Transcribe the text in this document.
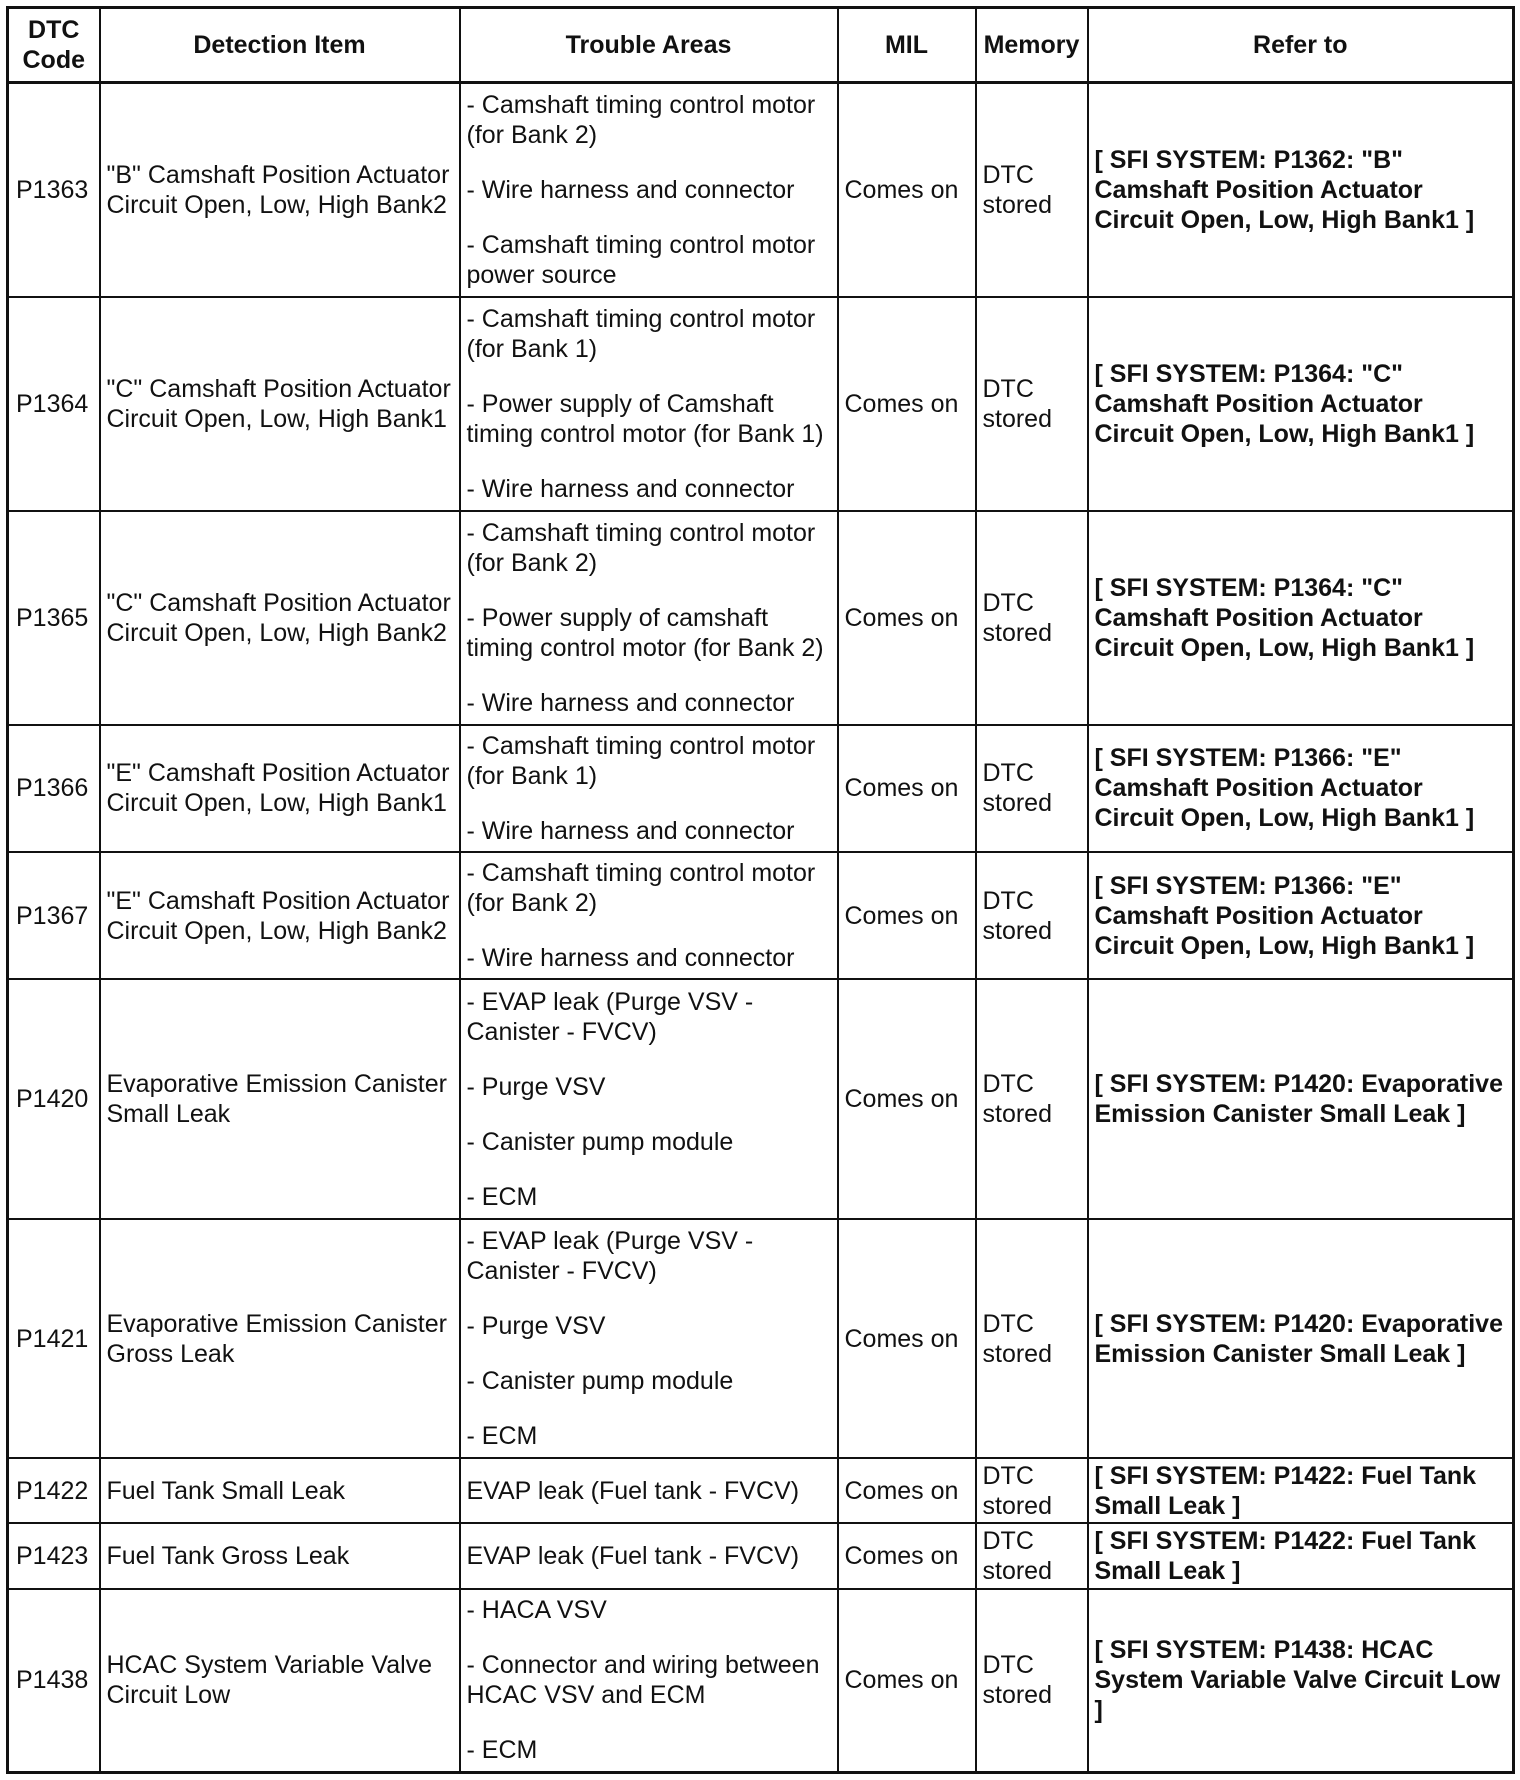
DTC
Code	Detection Item	Trouble Areas	MIL	Memory	Refer to
P1363	"B" Camshaft Position Actuator Circuit Open, Low, High Bank2	- Camshaft timing control motor (for Bank 2)
- Wire harness and connector
- Camshaft timing control motor power source	Comes on	DTC stored	[ SFI SYSTEM: P1362: "B" Camshaft Position Actuator Circuit Open, Low, High Bank1 ]
P1364	"C" Camshaft Position Actuator Circuit Open, Low, High Bank1	- Camshaft timing control motor (for Bank 1)
- Power supply of Camshaft timing control motor (for Bank 1)
- Wire harness and connector	Comes on	DTC stored	[ SFI SYSTEM: P1364: "C" Camshaft Position Actuator Circuit Open, Low, High Bank1 ]
P1365	"C" Camshaft Position Actuator Circuit Open, Low, High Bank2	- Camshaft timing control motor (for Bank 2)
- Power supply of camshaft timing control motor (for Bank 2)
- Wire harness and connector	Comes on	DTC stored	[ SFI SYSTEM: P1364: "C" Camshaft Position Actuator Circuit Open, Low, High Bank1 ]
P1366	"E" Camshaft Position Actuator Circuit Open, Low, High Bank1	- Camshaft timing control motor (for Bank 1)
- Wire harness and connector	Comes on	DTC stored	[ SFI SYSTEM: P1366: "E" Camshaft Position Actuator Circuit Open, Low, High Bank1 ]
P1367	"E" Camshaft Position Actuator Circuit Open, Low, High Bank2	- Camshaft timing control motor (for Bank 2)
- Wire harness and connector	Comes on	DTC stored	[ SFI SYSTEM: P1366: "E" Camshaft Position Actuator Circuit Open, Low, High Bank1 ]
P1420	Evaporative Emission Canister Small Leak	- EVAP leak (Purge VSV - Canister - FVCV)
- Purge VSV
- Canister pump module
- ECM	Comes on	DTC stored	[ SFI SYSTEM: P1420: Evaporative Emission Canister Small Leak ]
P1421	Evaporative Emission Canister Gross Leak	- EVAP leak (Purge VSV - Canister - FVCV)
- Purge VSV
- Canister pump module
- ECM	Comes on	DTC stored	[ SFI SYSTEM: P1420: Evaporative Emission Canister Small Leak ]
P1422	Fuel Tank Small Leak	EVAP leak (Fuel tank - FVCV)	Comes on	DTC stored	[ SFI SYSTEM: P1422: Fuel Tank Small Leak ]
P1423	Fuel Tank Gross Leak	EVAP leak (Fuel tank - FVCV)	Comes on	DTC stored	[ SFI SYSTEM: P1422: Fuel Tank Small Leak ]
P1438	HCAC System Variable Valve Circuit Low	- HACA VSV
- Connector and wiring between HCAC VSV and ECM
- ECM	Comes on	DTC stored	[ SFI SYSTEM: P1438: HCAC System Variable Valve Circuit Low ]
